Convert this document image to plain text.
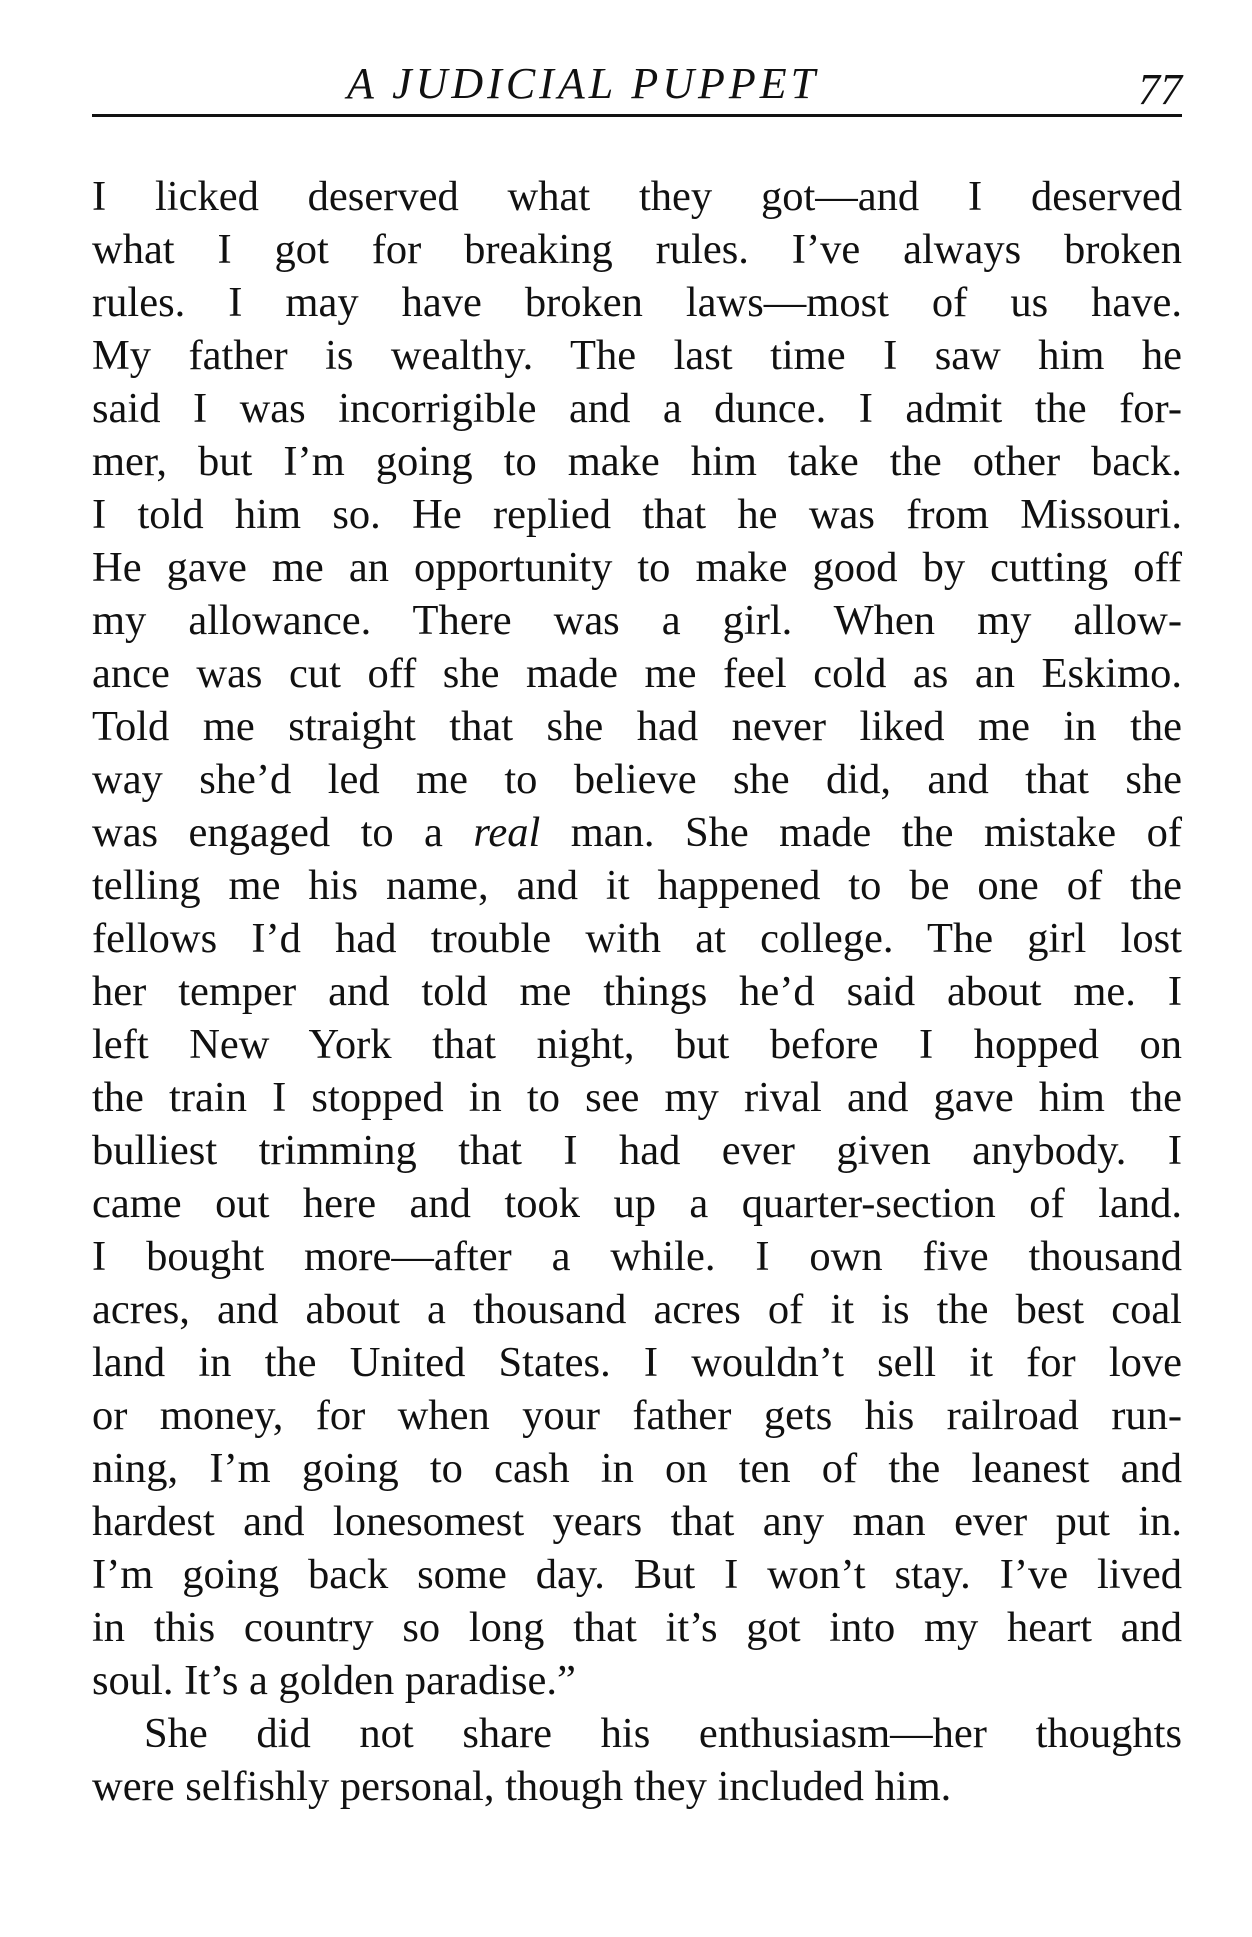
A JUDICIAL PUPPET	77
I licked deserved what they got—and I deserved
what I got for breaking rules. I’ve always broken
rules. I may have broken laws—most of us have.
My father is wealthy. The last time I saw him he
said I was incorrigible and a dunce. I admit the for-
mer, but I’m going to make him take the other back.
I told him so. He replied that he was from Missouri.
He gave me an opportunity to make good by cutting off
my allowance. There was a girl. When my allow-
ance was cut off she made me feel cold as an Eskimo.
Told me straight that she had never liked me in the
way she’d led me to believe she did, and that she
was engaged to a real man. She made the mistake of
telling me his name, and it happened to be one of the
fellows I’d had trouble with at college. The girl lost
her temper and told me things he’d said about me. I
left New York that night, but before I hopped on
the train I stopped in to see my rival and gave him the
bulliest trimming that I had ever given anybody. I
came out here and took up a quarter-section of land.
I bought more—after a while. I own five thousand
acres, and about a thousand acres of it is the best coal
land in the United States. I wouldn’t sell it for love
or money, for when your father gets his railroad run-
ning, I’m going to cash in on ten of the leanest and
hardest and lonesomest years that any man ever put in.
I’m going back some day. But I won’t stay. I’ve lived
in this country so long that it’s got into my heart and
soul. It’s a golden paradise.”
She did not share his enthusiasm—her thoughts
were selfishly personal, though they included him.
